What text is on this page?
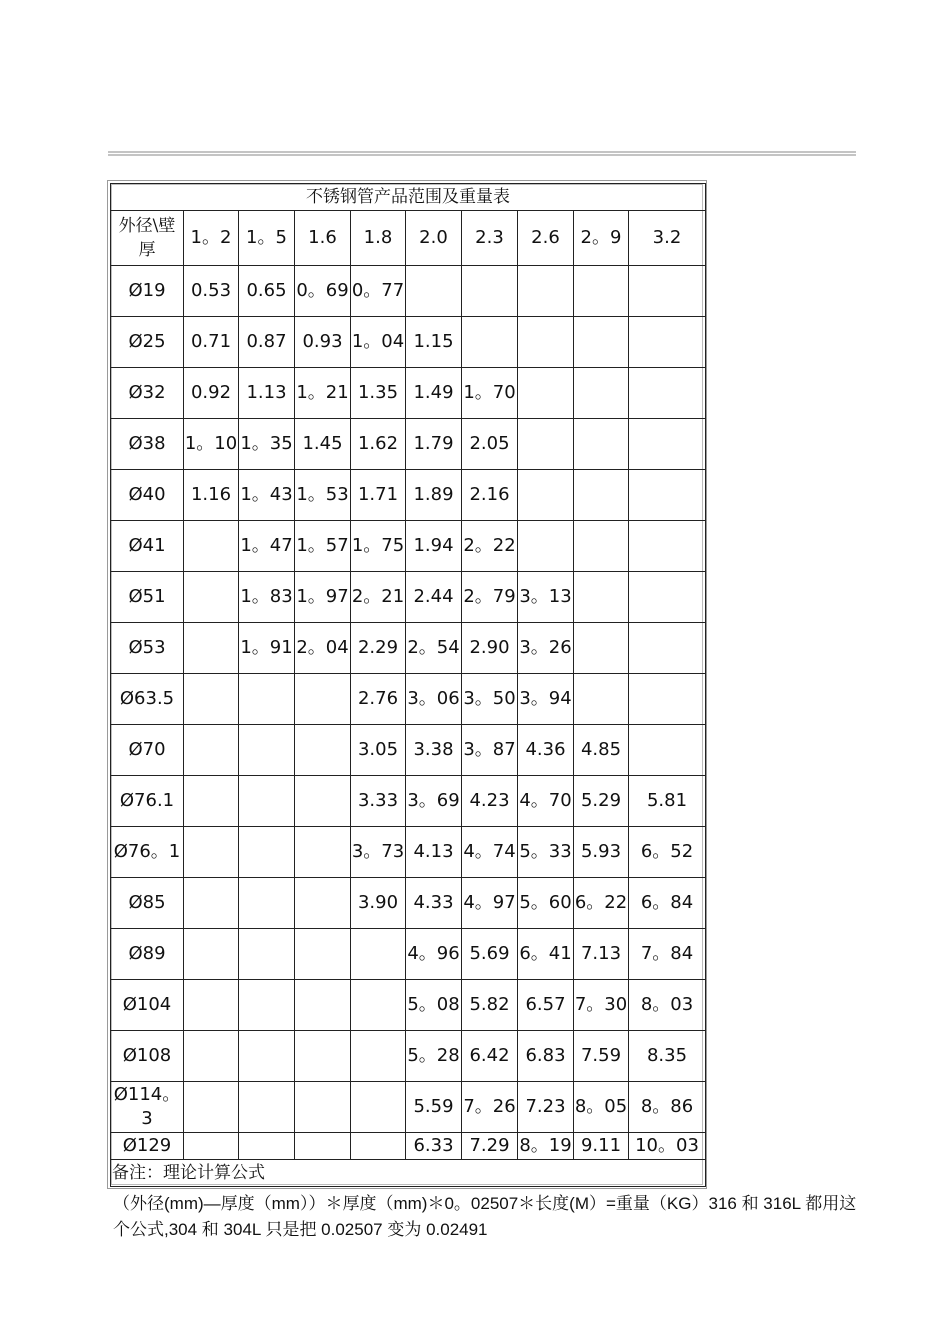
不锈钢管产品范围及重量表									
外径\壁厚	1。2	1。5	1.6	1.8	2.0	2.3	2.6	2。9	3.2
Ø19	0.53	0.65	0。69	0。77					
Ø25	0.71	0.87	0.93	1。04	1.15				
Ø32	0.92	1.13	1。21	1.35	1.49	1。70			
Ø38	1。10	1。35	1.45	1.62	1.79	2.05			
Ø40	1.16	1。43	1。53	1.71	1.89	2.16			
Ø41		1。47	1。57	1。75	1.94	2。22			
Ø51		1。83	1。97	2。21	2.44	2。79	3。13		
Ø53		1。91	2。04	2.29	2。54	2.90	3。26		
Ø63.5				2.76	3。06	3。50	3。94		
Ø70				3.05	3.38	3。87	4.36	4.85	
Ø76.1				3.33	3。69	4.23	4。70	5.29	5.81
Ø76。1				3。73	4.13	4。74	5。33	5.93	6。52
Ø85				3.90	4.33	4。97	5。60	6。22	6。84
Ø89					4。96	5.69	6。41	7.13	7。84
Ø104					5。08	5.82	6.57	7。30	8。03
Ø108					5。28	6.42	6.83	7.59	8.35
Ø114。3					5.59	7。26	7.23	8。05	8。86
Ø129					6.33	7.29	8。19	9.11	10。03
备注：理论计算公式									
（外径(mm)—厚度（mm））＊厚度（mm)＊0。02507＊长度(M）=重量（KG）316 和 316L 都用这个公式,304 和 304L 只是把 0.02507 变为 0.02491
